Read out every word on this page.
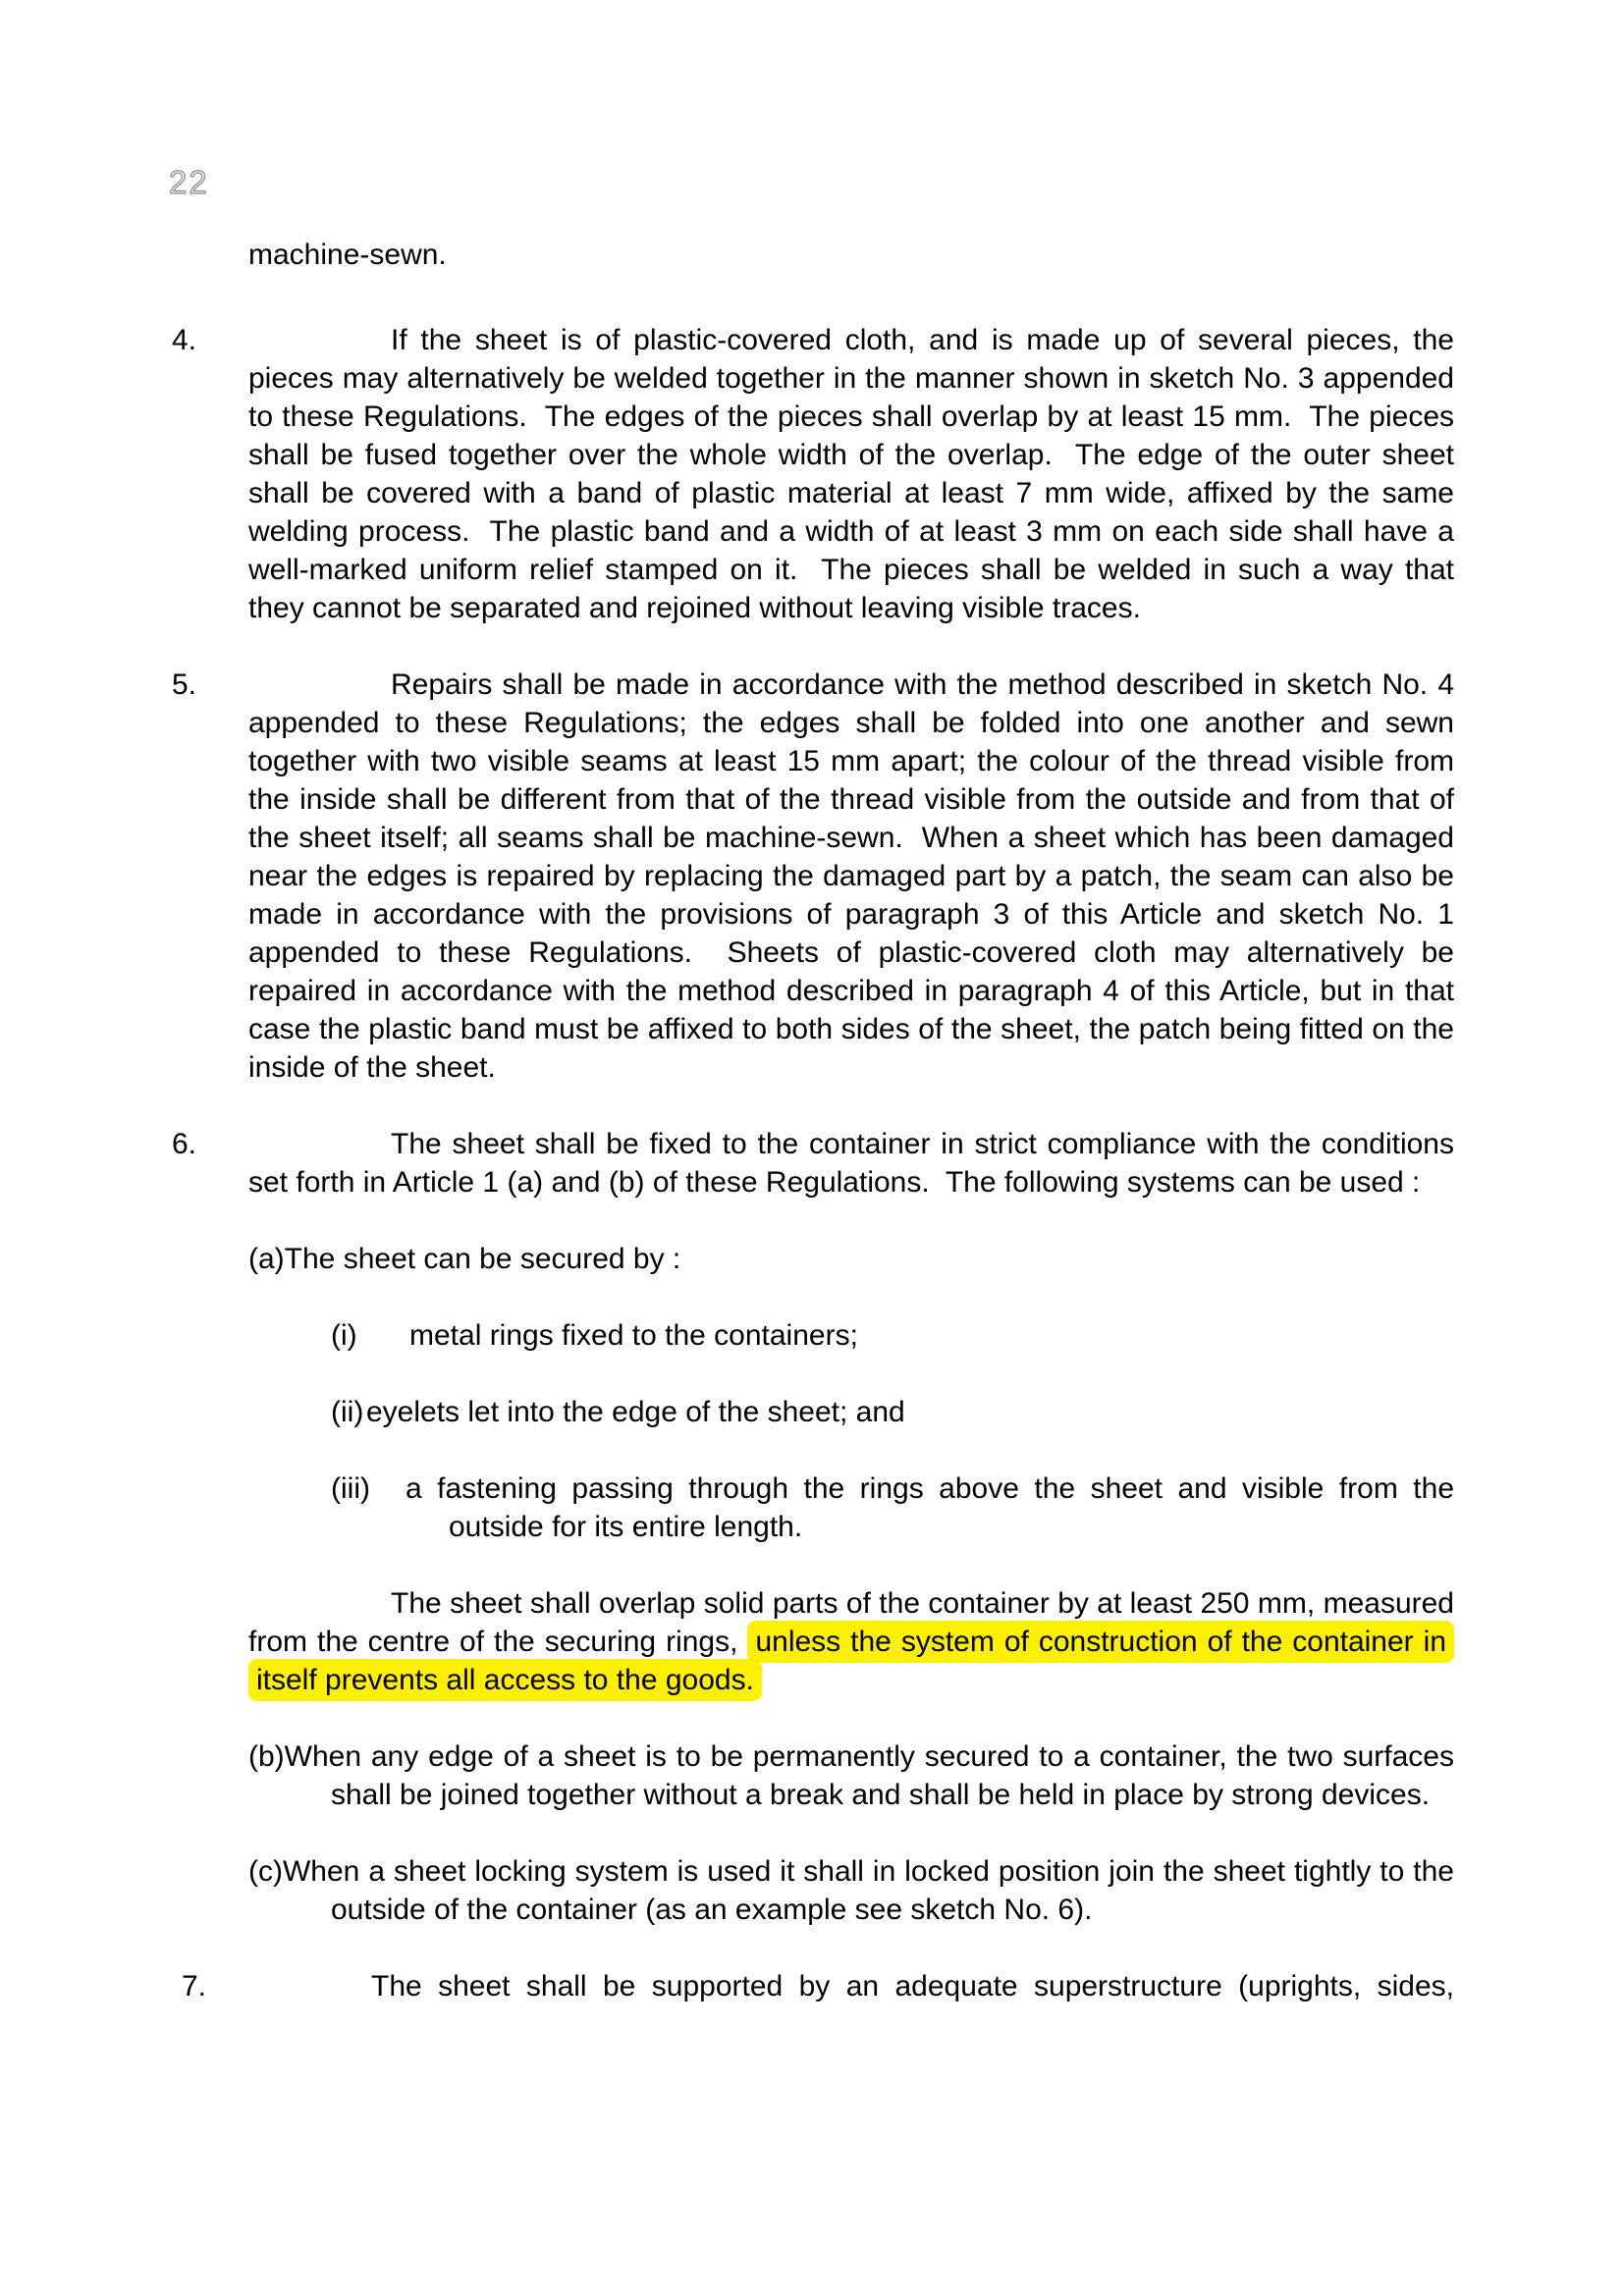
22
machine-sewn.
4.	If the sheet is of plastic-covered cloth, and is made up of several pieces, the pieces may alternatively be welded together in the manner shown in sketch No. 3 appended to these Regulations.  The edges of the pieces shall overlap by at least 15 mm.  The pieces shall be fused together over the whole width of the overlap.  The edge of the outer sheet shall be covered with a band of plastic material at least 7 mm wide, affixed by the same welding process.  The plastic band and a width of at least 3 mm on each side shall have a well-marked uniform relief stamped on it.  The pieces shall be welded in such a way that they cannot be separated and rejoined without leaving visible traces.
5.	Repairs shall be made in accordance with the method described in sketch No. 4 appended to these Regulations; the edges shall be folded into one another and sewn together with two visible seams at least 15 mm apart; the colour of the thread visible from the inside shall be different from that of the thread visible from the outside and from that of the sheet itself; all seams shall be machine-sewn.  When a sheet which has been damaged near the edges is repaired by replacing the damaged part by a patch, the seam can also be made in accordance with the provisions of paragraph 3 of this Article and sketch No. 1 appended to these Regulations.  Sheets of plastic-covered cloth may alternatively be repaired in accordance with the method described in paragraph 4 of this Article, but in that case the plastic band must be affixed to both sides of the sheet, the patch being fitted on the inside of the sheet.
6.	The sheet shall be fixed to the container in strict compliance with the conditions set forth in Article 1 (a) and (b) of these Regulations.  The following systems can be used :
(a)The sheet can be secured by :
(i) metal rings fixed to the containers;
(ii)eyelets let into the edge of the sheet; and
(iii) a fastening passing through the rings above the sheet and visible from the outside for its entire length.
The sheet shall overlap solid parts of the container by at least 250 mm, measured from the centre of the securing rings, unless the system of construction of the container in itself prevents all access to the goods.
(b)When any edge of a sheet is to be permanently secured to a container, the two surfaces shall be joined together without a break and shall be held in place by strong devices.
(c)When a sheet locking system is used it shall in locked position join the sheet tightly to the outside of the container (as an example see sketch No. 6).
7.	The sheet shall be supported by an adequate superstructure (uprights, sides,
